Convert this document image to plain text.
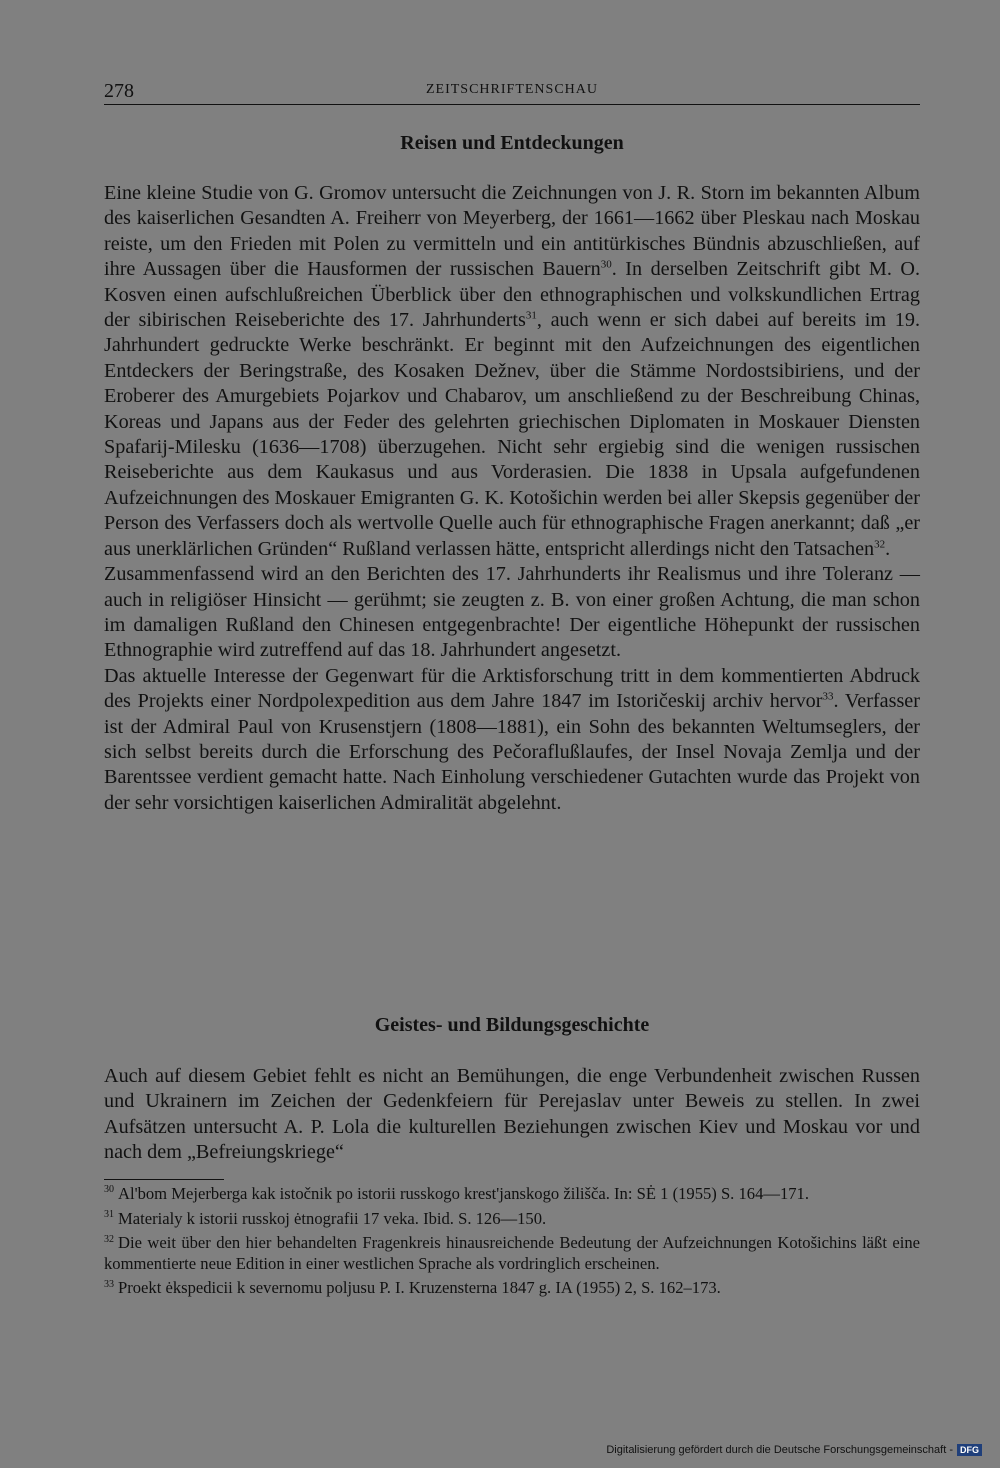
278	ZEITSCHRIFTENSCHAU
Reisen und Entdeckungen

Eine kleine Studie von G. Gromov untersucht die Zeichnungen von J. R. Storn im bekannten Album des kaiserlichen Gesandten A. Freiherr von Meyerberg, der 1661—1662 über Pleskau nach Moskau reiste, um den Frieden mit Polen zu vermitteln und ein antitürkisches Bündnis abzuschließen, auf ihre Aussagen über die Hausformen der russischen Bauern$^{30}$. In derselben Zeitschrift gibt M. O. Kosven einen aufschlußreichen Überblick über den ethnographischen und volkskundlichen Ertrag der sibirischen Reiseberichte des 17. Jahrhunderts$^{31}$, auch wenn er sich dabei auf bereits im 19. Jahrhundert gedruckte Werke beschränkt. Er beginnt mit den Aufzeichnungen des eigentlichen Entdeckers der Beringstraße, des Kosaken Dežnev, über die Stämme Nordostsibiriens, und der Eroberer des Amurgebiets Pojarkov und Chabarov, um anschließend zu der Beschreibung Chinas, Koreas und Japans aus der Feder des gelehrten griechischen Diplomaten in Moskauer Diensten Spafarij-Milesku (1636—1708) überzugehen. Nicht sehr ergiebig sind die wenigen russischen Reiseberichte aus dem Kaukasus und aus Vorderasien. Die 1838 in Upsala aufgefundenen Aufzeichnungen des Moskauer Emigranten G. K. Kotošichin werden bei aller Skepsis gegenüber der Person des Verfassers doch als wertvolle Quelle auch für ethnographische Fragen anerkannt; daß „er aus unerklärlichen Gründen“ Rußland verlassen hätte, entspricht allerdings nicht den Tatsachen$^{32}$.

Zusammenfassend wird an den Berichten des 17. Jahrhunderts ihr Realismus und ihre Toleranz — auch in religiöser Hinsicht — gerühmt; sie zeugten z. B. von einer großen Achtung, die man schon im damaligen Rußland den Chinesen entgegenbrachte! Der eigentliche Höhepunkt der russischen Ethnographie wird zutreffend auf das 18. Jahrhundert angesetzt.

Das aktuelle Interesse der Gegenwart für die Arktisforschung tritt in dem kommentierten Abdruck des Projekts einer Nordpolexpedition aus dem Jahre 1847 im Istoričeskij archiv hervor$^{33}$. Verfasser ist der Admiral Paul von Krusenstjern (1808—1881), ein Sohn des bekannten Weltumseglers, der sich selbst bereits durch die Erforschung des Pečoraflußlaufes, der Insel Novaja Zemlja und der Barentssee verdient gemacht hatte. Nach Einholung verschiedener Gutachten wurde das Projekt von der sehr vorsichtigen kaiserlichen Admiralität abgelehnt.

Geistes- und Bildungsgeschichte

Auch auf diesem Gebiet fehlt es nicht an Bemühungen, die enge Verbundenheit zwischen Russen und Ukrainern im Zeichen der Gedenkfeiern für Perejaslav unter Beweis zu stellen. In zwei Aufsätzen untersucht A. P. Lola die kulturellen Beziehungen zwischen Kiev und Moskau vor und nach dem „Befreiungskriege“

$^{30}$ Al'bom Mejerberga kak istočnik po istorii russkogo krest'janskogo žilišča. In: SĖ 1 (1955) S. 164—171.

$^{31}$ Materialy k istorii russkoj ėtnografii 17 veka. Ibid. S. 126—150.

$^{32}$ Die weit über den hier behandelten Fragenkreis hinausreichende Bedeutung der Aufzeichnungen Kotošichins läßt eine kommentierte neue Edition in einer westlichen Sprache als vordringlich erscheinen.

$^{33}$ Proekt ėkspedicii k severnomu poljusu P. I. Kruzensterna 1847 g. IA (1955) 2, S. 162–173.

Digitalisierung gefördert durch die Deutsche Forschungsgemeinschaft - DFG
